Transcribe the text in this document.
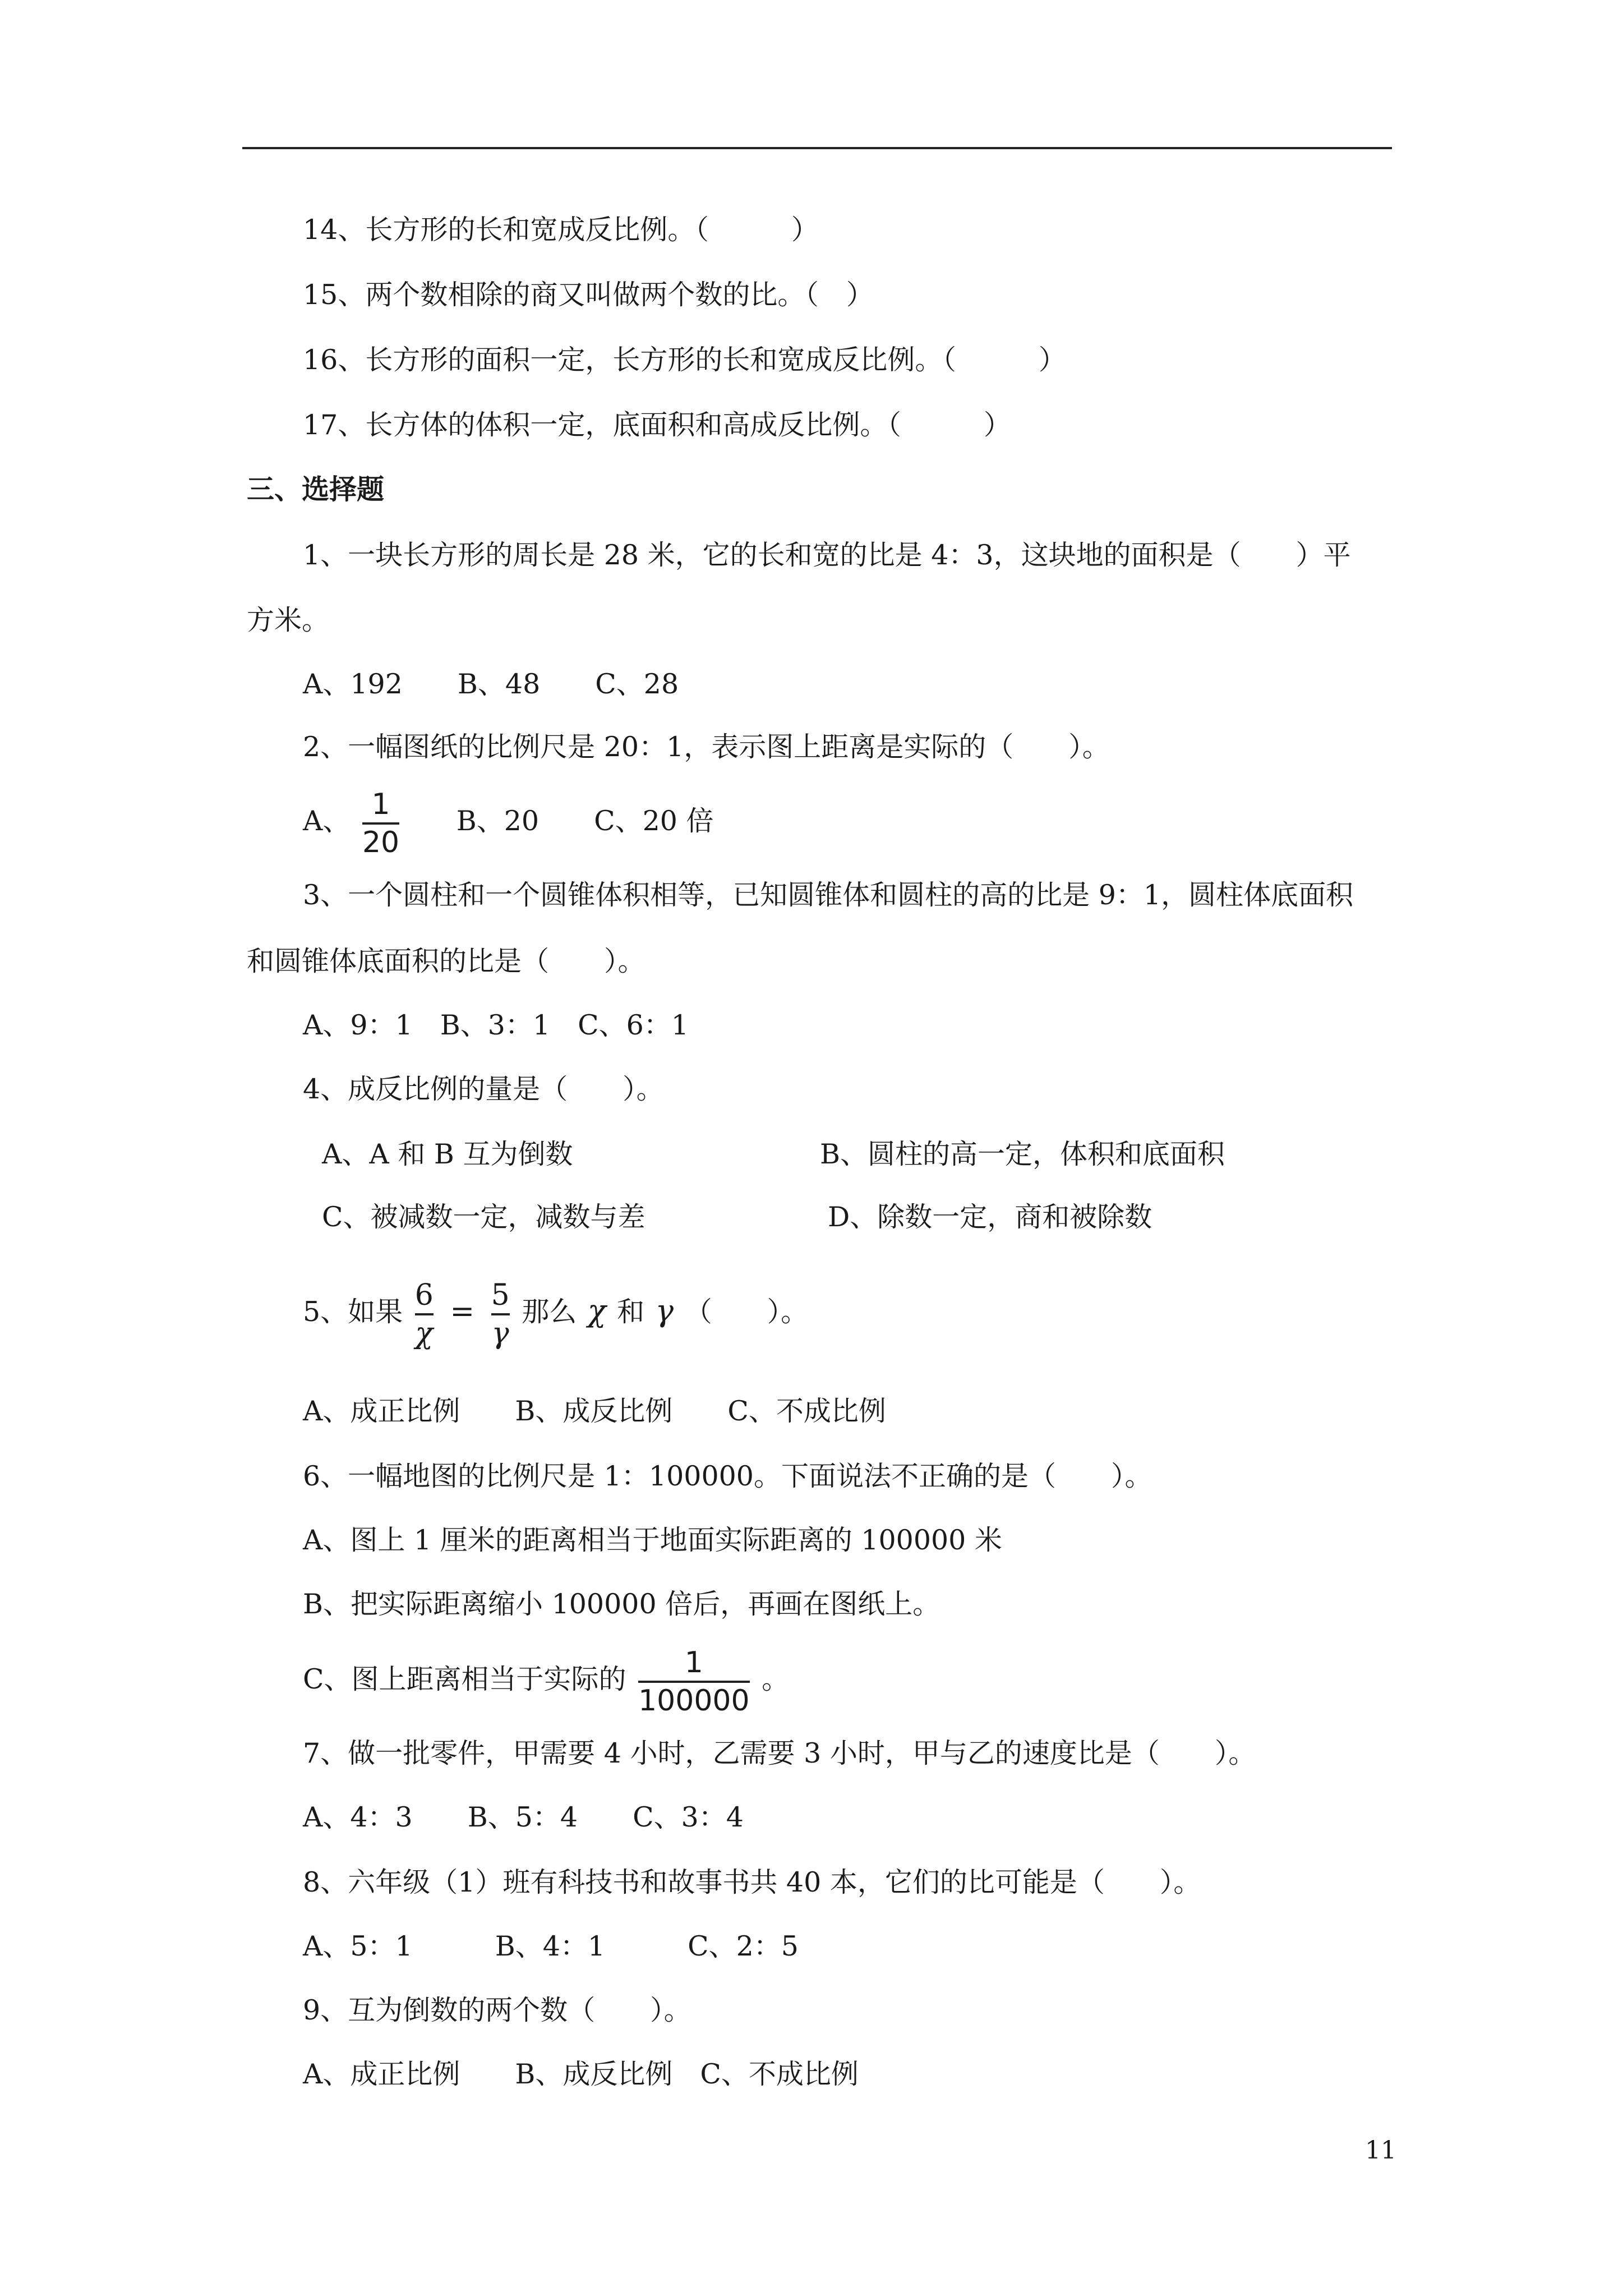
14、长方形的长和宽成反比例。（　　　）
15、两个数相除的商又叫做两个数的比。（　）
16、长方形的面积一定，长方形的长和宽成反比例。（　　　）
17、长方体的体积一定，底面积和高成反比例。（　　　）
三、选择题
1、一块长方形的周长是 28 米，它的长和宽的比是 4：3，这块地的面积是（　　）平
方米。
A、192　　B、48　　C、28
2、一幅图纸的比例尺是 20：1，表示图上距离是实际的（　　）。
A、 $\frac{1}{20}$ B、20　　C、20 倍
3、一个圆柱和一个圆锥体积相等，已知圆锥体和圆柱的高的比是 9：1，圆柱体底面积
和圆锥体底面积的比是（　　）。
A、9：1　B、3：1　C、6：1
4、成反比例的量是（　　）。
A、A 和 B 互为倒数	B、圆柱的高一定，体积和底面积
C、被减数一定，减数与差	D、除数一定，商和被除数
5、如果 $\frac{6}{\chi} = \frac{5}{\gamma}$ 那么 χ 和 γ （　　）。
A、成正比例　　B、成反比例　　C、不成比例
6、一幅地图的比例尺是 1：100000。下面说法不正确的是（　　）。
A、图上 1 厘米的距离相当于地面实际距离的 100000 米
B、把实际距离缩小 100000 倍后，再画在图纸上。
C、图上距离相当于实际的 $\frac{1}{100000}$ 。
7、做一批零件，甲需要 4 小时，乙需要 3 小时，甲与乙的速度比是（　　）。
A、4：3　　B、5：4　　C、3：4
8、六年级（1）班有科技书和故事书共 40 本，它们的比可能是（　　）。
A、5：1　　　B、4：1　　　C、2：5
9、互为倒数的两个数（　　）。
A、成正比例　　B、成反比例　C、不成比例
11
